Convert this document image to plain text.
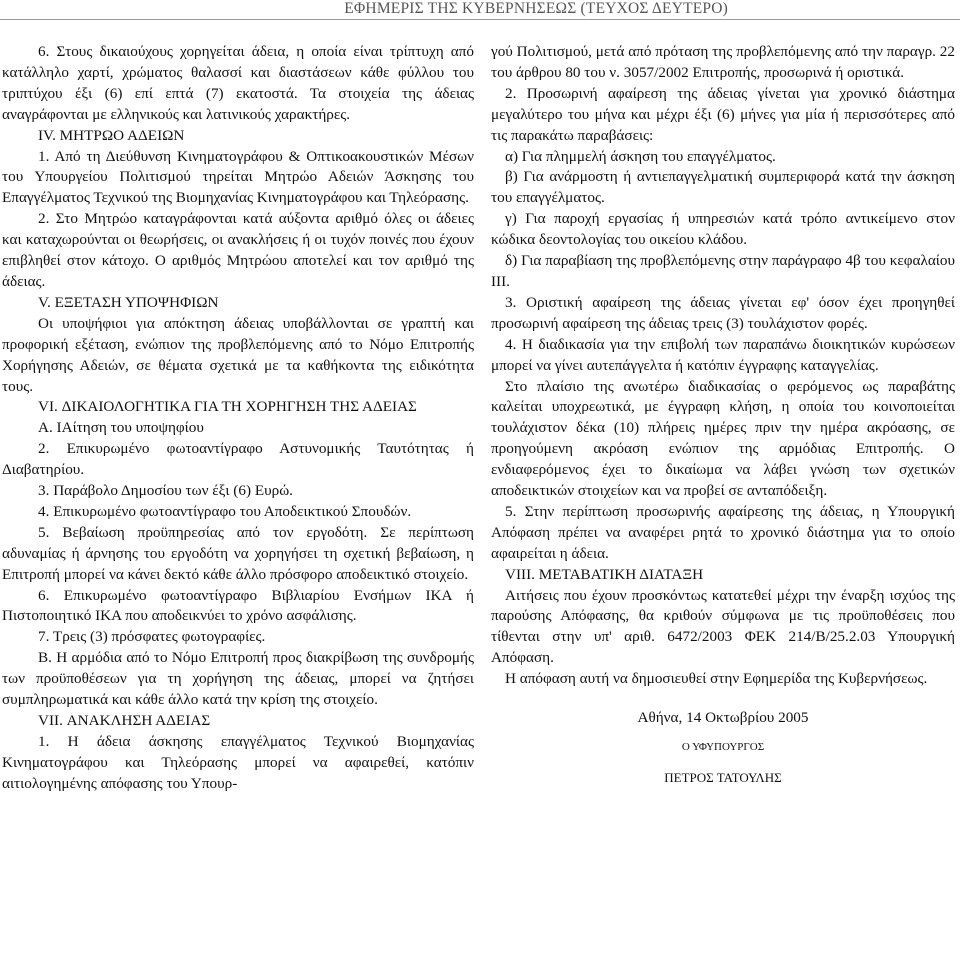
ΕΦΗΜΕΡΙΣ ΤΗΣ ΚΥΒΕΡΝΗΣΕΩΣ (ΤΕΥΧΟΣ ΔΕΥΤΕΡΟ)

6. Στους δικαιούχους χορηγείται άδεια, η οποία είναι τρίπτυχη από κατάλληλο χαρτί, χρώματος θαλασσί και διαστάσεων κάθε φύλλου του τριπτύχου έξι (6) επί επτά (7) εκατοστά. Τα στοιχεία της άδειας αναγράφονται με ελληνικούς και λατινικούς χαρακτήρες.

IV. ΜΗΤΡΩΟ ΑΔΕΙΩΝ

1. Από τη Διεύθυνση Κινηματογράφου & Οπτικοακουστικών Μέσων του Υπουργείου Πολιτισμού τηρείται Μητρώο Αδειών Άσκησης του Επαγγέλματος Τεχνικού της Βιομηχανίας Κινηματογράφου και Τηλεόρασης.

2. Στο Μητρώο καταγράφονται κατά αύξοντα αριθμό όλες οι άδειες και καταχωρούνται οι θεωρήσεις, οι ανακλήσεις ή οι τυχόν ποινές που έχουν επιβληθεί στον κάτοχο. Ο αριθμός Μητρώου αποτελεί και τον αριθμό της άδειας.

V. ΕΞΕΤΑΣΗ ΥΠΟΨΗΦΙΩΝ

Οι υποψήφιοι για απόκτηση άδειας υποβάλλονται σε γραπτή και προφορική εξέταση, ενώπιον της προβλεπόμενης από το Νόμο Επιτροπής Χορήγησης Αδειών, σε θέματα σχετικά με τα καθήκοντα της ειδικότητα τους.

VI. ΔΙΚΑΙΟΛΟΓΗΤΙΚΑ ΓΙΑ ΤΗ ΧΟΡΗΓΗΣΗ ΤΗΣ ΑΔΕΙΑΣ

Α. ΙΑίτηση του υποψηφίου

2. Επικυρωμένο φωτοαντίγραφο Αστυνομικής Ταυτότητας ή Διαβατηρίου.

3. Παράβολο Δημοσίου των έξι (6) Ευρώ.

4. Επικυρωμένο φωτοαντίγραφο του Αποδεικτικού Σπουδών.

5. Βεβαίωση προϋπηρεσίας από τον εργοδότη. Σε περίπτωση αδυναμίας ή άρνησης του εργοδότη να χορηγήσει τη σχετική βεβαίωση, η Επιτροπή μπορεί να κάνει δεκτό κάθε άλλο πρόσφορο αποδεικτικό στοιχείο.

6. Επικυρωμένο φωτοαντίγραφο Βιβλιαρίου Ενσήμων ΙΚΑ ή Πιστοποιητικό ΙΚΑ που αποδεικνύει το χρόνο ασφάλισης.

7. Τρεις (3) πρόσφατες φωτογραφίες.

Β. Η αρμόδια από το Νόμο Επιτροπή προς διακρίβωση της συνδρομής των προϋποθέσεων για τη χορήγηση της άδειας, μπορεί να ζητήσει συμπληρωματικά και κάθε άλλο κατά την κρίση της στοιχείο.

VII. ΑΝΑΚΛΗΣΗ ΑΔΕΙΑΣ

1. Η άδεια άσκησης επαγγέλματος Τεχνικού Βιομηχανίας Κινηματογράφου και Τηλεόρασης μπορεί να αφαιρεθεί, κατόπιν αιτιολογημένης απόφασης του Υπουρ-

γού Πολιτισμού, μετά από πρόταση της προβλεπόμενης από την παραγρ. 22 του άρθρου 80 του ν. 3057/2002 Επιτροπής, προσωρινά ή οριστικά.

2. Προσωρινή αφαίρεση της άδειας γίνεται για χρονικό διάστημα μεγαλύτερο του μήνα και μέχρι έξι (6) μήνες για μία ή περισσότερες από τις παρακάτω παραβάσεις:

α) Για πλημμελή άσκηση του επαγγέλματος.

β) Για ανάρμοστη ή αντιεπαγγελματική συμπεριφορά κατά την άσκηση του επαγγέλματος.

γ) Για παροχή εργασίας ή υπηρεσιών κατά τρόπο αντικείμενο στον κώδικα δεοντολογίας του οικείου κλάδου.

δ) Για παραβίαση της προβλεπόμενης στην παράγραφο 4β του κεφαλαίου ΙΙΙ.

3. Οριστική αφαίρεση της άδειας γίνεται εφ' όσον έχει προηγηθεί προσωρινή αφαίρεση της άδειας τρεις (3) τουλάχιστον φορές.

4. Η διαδικασία για την επιβολή των παραπάνω διοικητικών κυρώσεων μπορεί να γίνει αυτεπάγγελτα ή κατόπιν έγγραφης καταγγελίας.

Στο πλαίσιο της ανωτέρω διαδικασίας ο φερόμενος ως παραβάτης καλείται υποχρεωτικά, με έγγραφη κλήση, η οποία του κοινοποιείται τουλάχιστον δέκα (10) πλήρεις ημέρες πριν την ημέρα ακρόασης, σε προηγούμενη ακρόαση ενώπιον της αρμόδιας Επιτροπής. Ο ενδιαφερόμενος έχει το δικαίωμα να λάβει γνώση των σχετικών αποδεικτικών στοιχείων και να προβεί σε ανταπόδειξη.

5. Στην περίπτωση προσωρινής αφαίρεσης της άδειας, η Υπουργική Απόφαση πρέπει να αναφέρει ρητά το χρονικό διάστημα για το οποίο αφαιρείται η άδεια.

VIII. ΜΕΤΑΒΑΤΙΚΗ ΔΙΑΤΑΞΗ

Αιτήσεις που έχουν προσκόντως κατατεθεί μέχρι την έναρξη ισχύος της παρούσης Απόφασης, θα κριθούν σύμφωνα με τις προϋποθέσεις που τίθενται στην υπ' αριθ. 6472/2003 ΦΕΚ 214/Β/25.2.03 Υπουργική Απόφαση.

Η απόφαση αυτή να δημοσιευθεί στην Εφημερίδα της Κυβερνήσεως.

Αθήνα, 14 Οκτωβρίου 2005

Ο ΥΦΥΠΟΥΡΓΟΣ

ΠΕΤΡΟΣ ΤΑΤΟΥΛΗΣ
